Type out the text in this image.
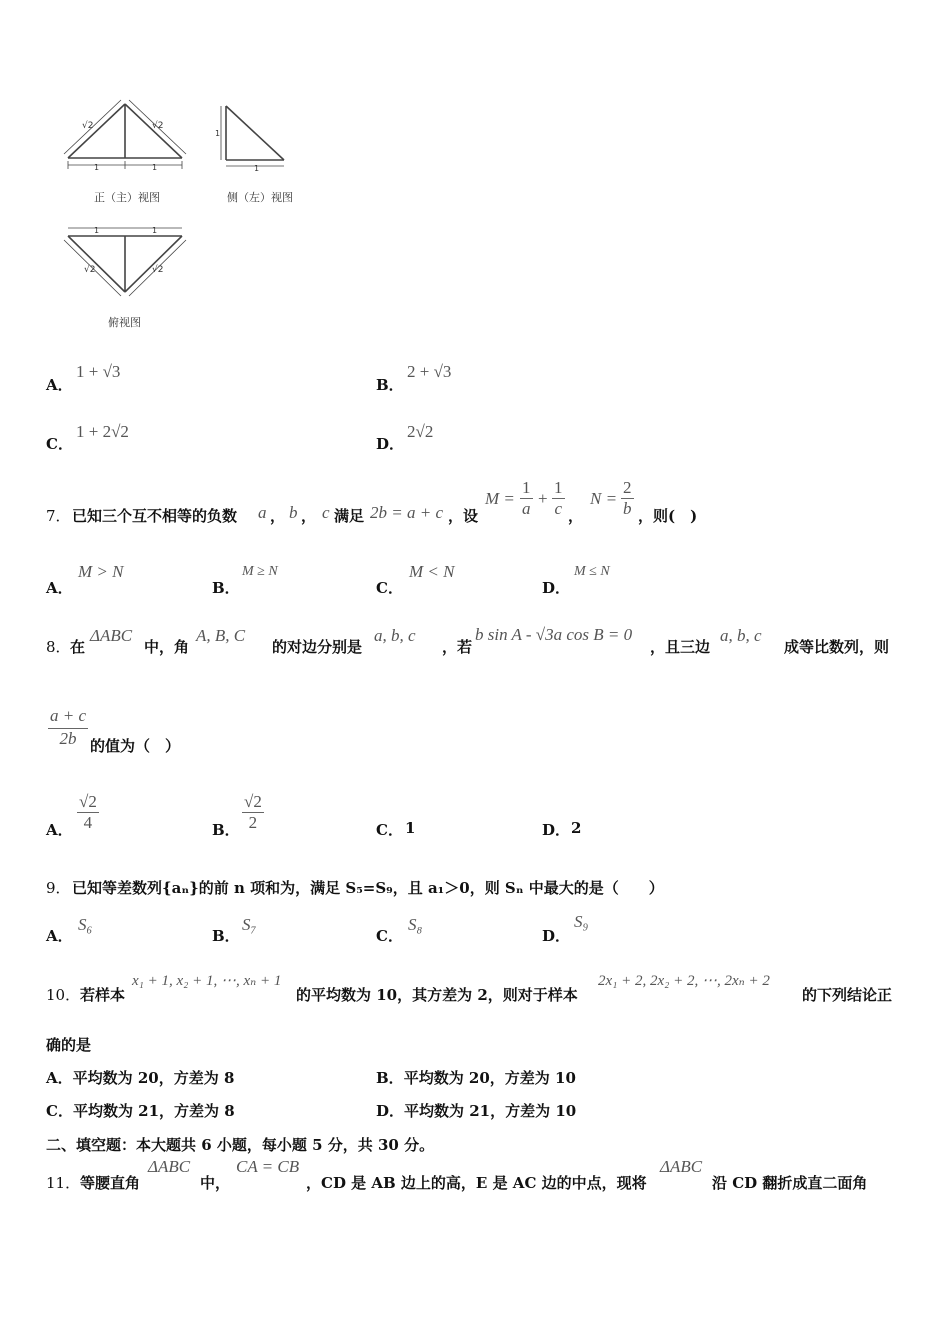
√2	√2
1	1
正（主）视图
1
1
侧（左）视图
1	1
√2	√2
俯视图
A．
1 + √3
B．
2 + √3
C．
1 + 2√2
D．
2√2
7． 已知三个互不相等的负数 a ， b ， c 满足 2b = a + c ，设
$M = \frac{1}{a} + \frac{1}{c}$ ，
$N = \frac{2}{b}$ ，则(　)
A．
M > N
B．
M ≥ N
C．
M < N
D．
M ≤ N
8． 在
ΔABC
中，角
A, B, C
的对边分别是
a, b, c
，若
b sin A - √3a cos B = 0
，且三边
a, b, c
成等比数列，则
$\frac{a + c}{2b}$ 的值为（　）
A． $\frac{√2}{4}$	B． $\frac{√2}{2}$	C． 1	D． 2
9． 已知等差数列{aₙ}的前 n 项和为，满足 S₅=S₉，且 a₁＞0，则 Sₙ 中最大的是（　　）
A．
S₆
B．
S₇
C．
S₈
D．
S₉
10． 若样本
x₁ + 1, x₂ + 1, ⋯, xₙ + 1
的平均数为 10，其方差为 2，则对于样本
2x₁ + 2, 2x₂ + 2, ⋯, 2xₙ + 2
的下列结论正
确的是
A．平均数为 20，方差为 8	B．平均数为 20，方差为 10
C．平均数为 21，方差为 8	D．平均数为 21，方差为 10
二、填空题：本大题共 6 小题，每小题 5 分，共 30 分。
11． 等腰直角
ΔABC
中，
CA = CB
，CD 是 AB 边上的高，E 是 AC 边的中点，现将
ΔABC
沿 CD 翻折成直二面角
